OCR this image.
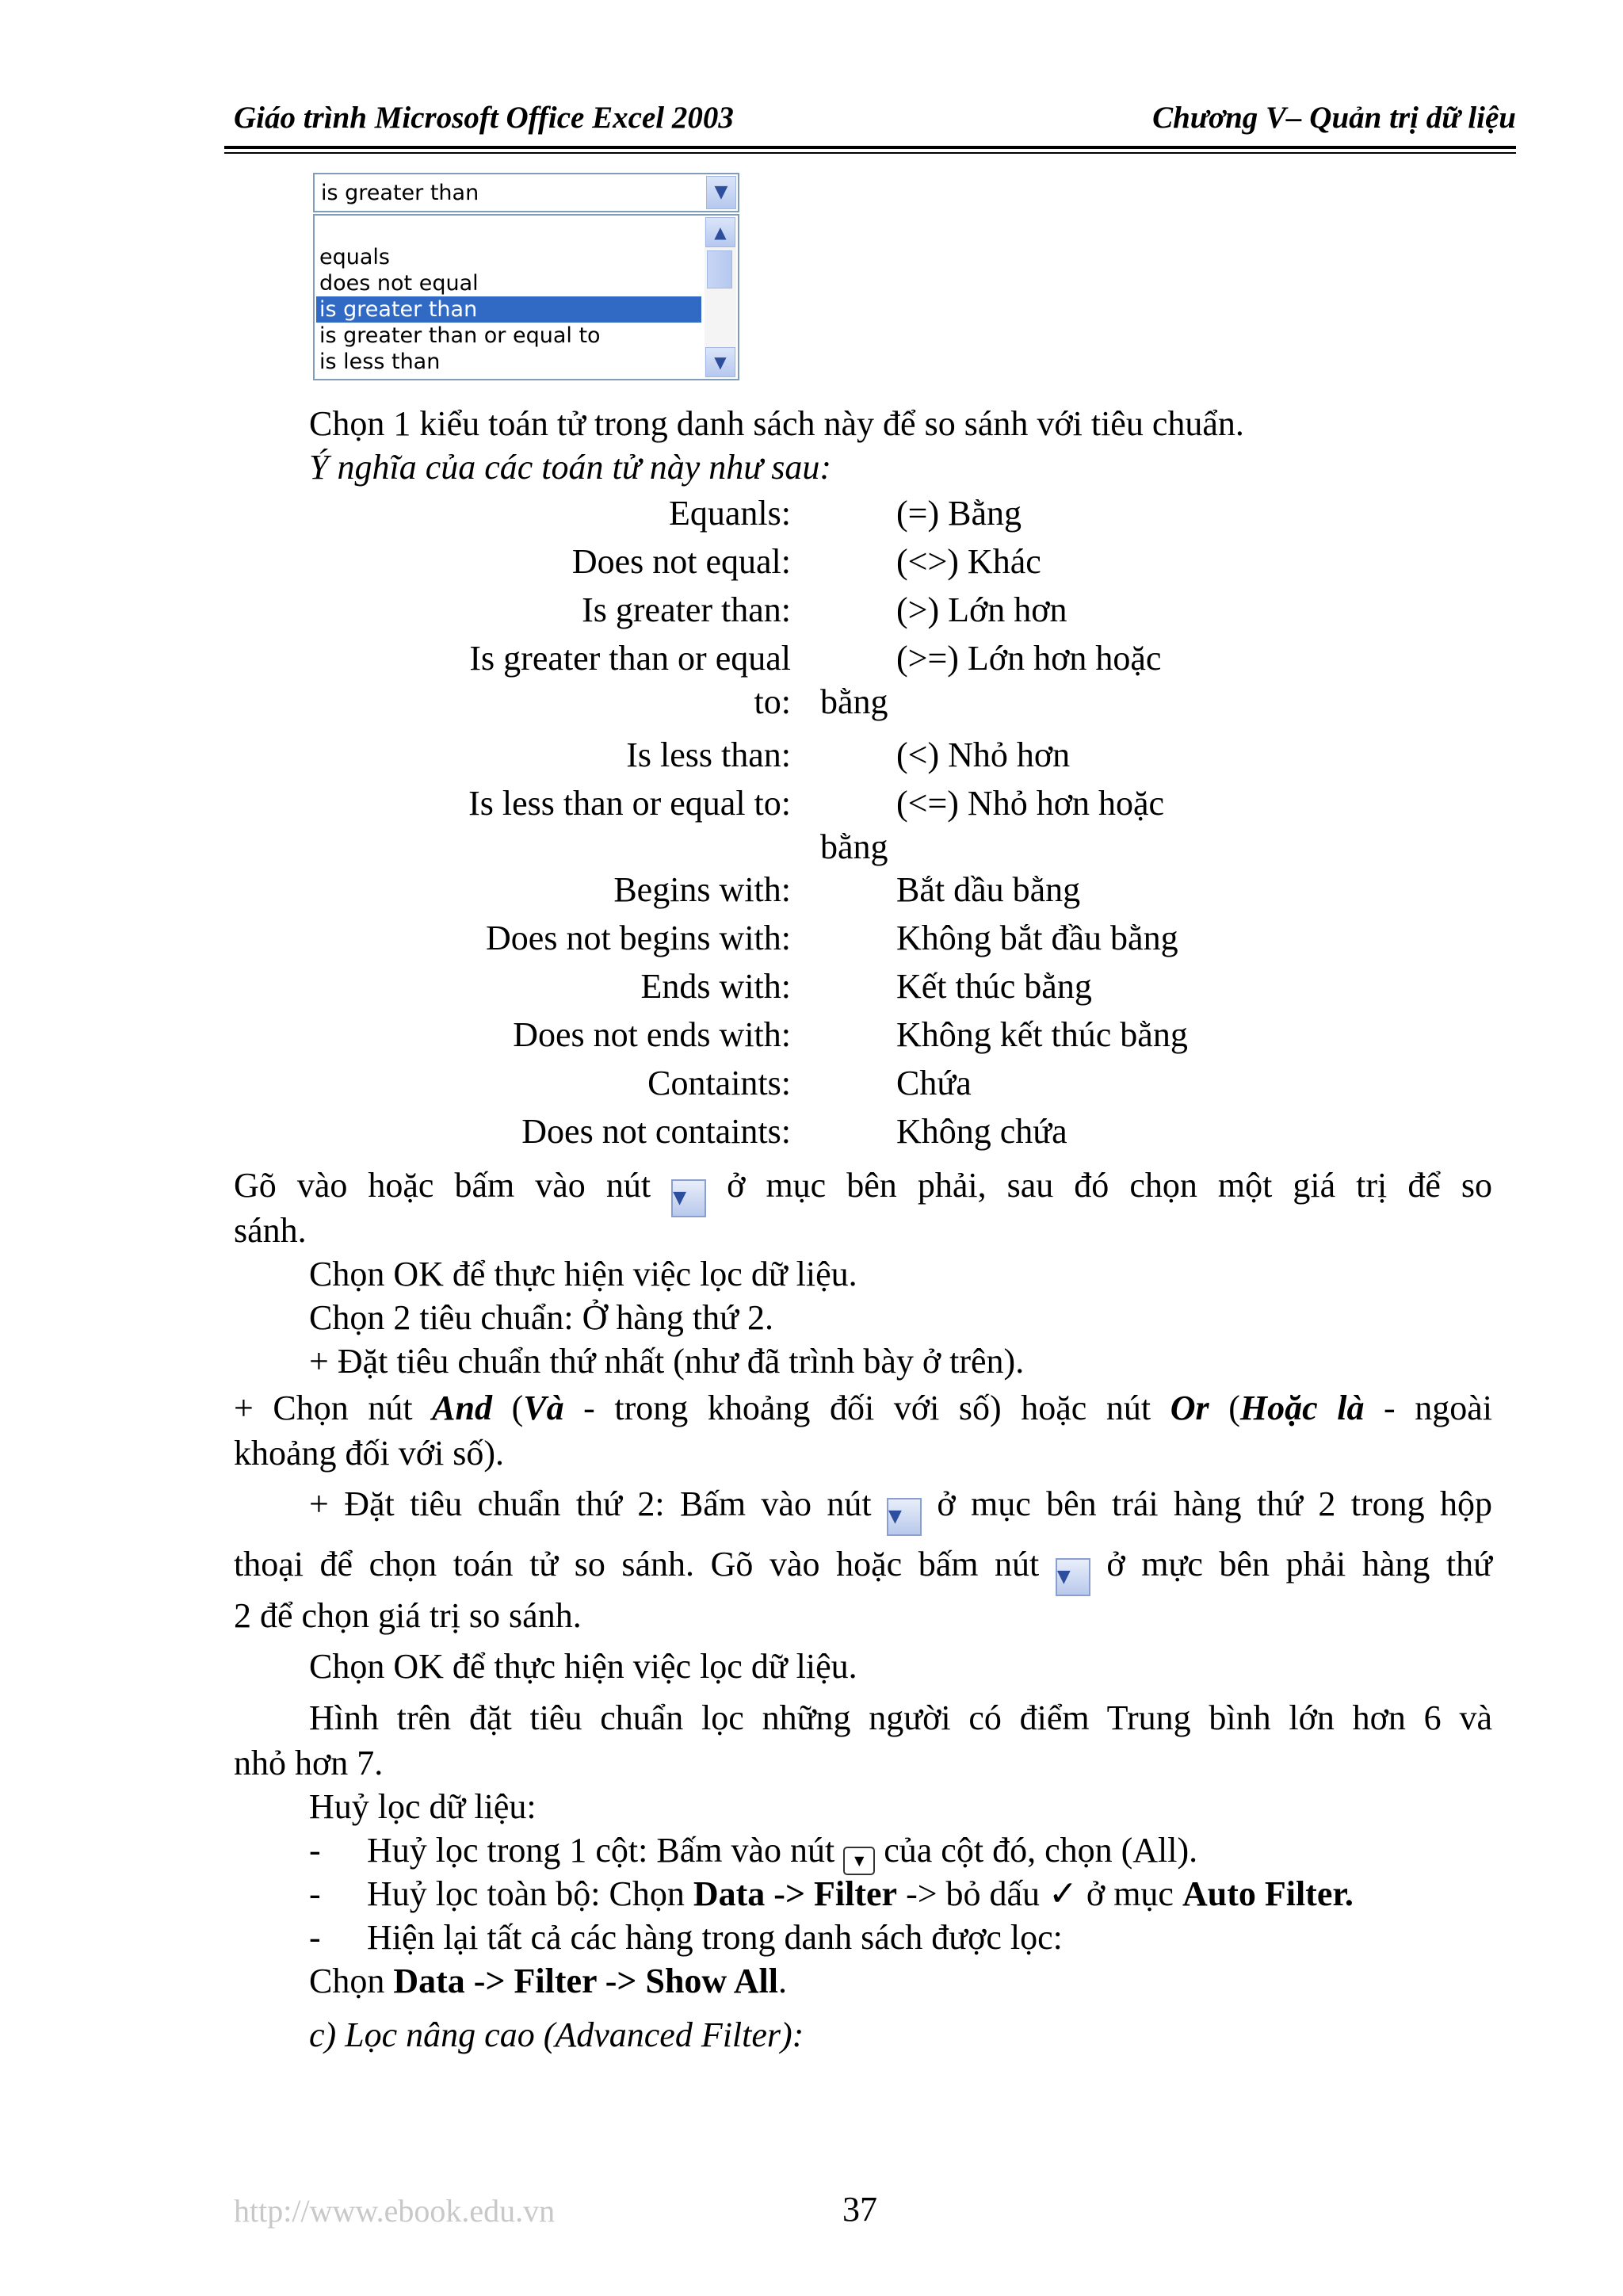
Giáo trình Microsoft Office Excel 2003	Chương V– Quản trị dữ liệu
is greater than	▼
equals
does not equal
is greater than
is greater than or equal to
is less than
▲
▼
Chọn 1 kiểu toán tử trong danh sách này để so sánh với tiêu chuẩn.
Ý nghĩa của các toán tử này như sau:
Equanls:	(=) Bằng
Does not equal:	(<>) Khác
Is greater than:	(>) Lớn hơn
Is greater than or equal	(>=) Lớn hơn hoặc
to: bằng
Is less than:	(<) Nhỏ hơn
Is less than or equal to:	(<=) Nhỏ hơn hoặc
bằng
Begins with:	Bắt dầu bằng
Does not begins with:	Không bắt đầu bằng
Ends with:	Kết thúc bằng
Does not ends with:	Không kết thúc bằng
Containts:	Chứa
Does not containts:	Không chứa
Gõ vào hoặc bấm vào nút ▼ ở mục bên phải, sau đó chọn một giá trị để so
sánh.
Chọn OK để thực hiện việc lọc dữ liệu.
Chọn 2 tiêu chuẩn: Ở hàng thứ 2.
+ Đặt tiêu chuẩn thứ nhất (như đã trình bày ở trên).
+ Chọn nút And (Và - trong khoảng đối với số) hoặc nút Or (Hoặc là - ngoài
khoảng đối với số).
+ Đặt tiêu chuẩn thứ 2: Bấm vào nút ▼ ở mục bên trái hàng thứ 2 trong hộp
thoại để chọn toán tử so sánh. Gõ vào hoặc bấm nút ▼ ở mực bên phải hàng thứ
2 để chọn giá trị so sánh.
Chọn OK để thực hiện việc lọc dữ liệu.
Hình trên đặt tiêu chuẩn lọc những người có điểm Trung bình lớn hơn 6 và
nhỏ hơn 7.
Huỷ lọc dữ liệu:
- Huỷ lọc trong 1 cột: Bấm vào nút ▼ của cột đó, chọn (All).
- Huỷ lọc toàn bộ: Chọn Data -> Filter -> bỏ dấu ✓ ở mục Auto Filter.
- Hiện lại tất cả các hàng trong danh sách được lọc:
Chọn Data -> Filter -> Show All.
c) Lọc nâng cao (Advanced Filter):
http://www.ebook.edu.vn	37
